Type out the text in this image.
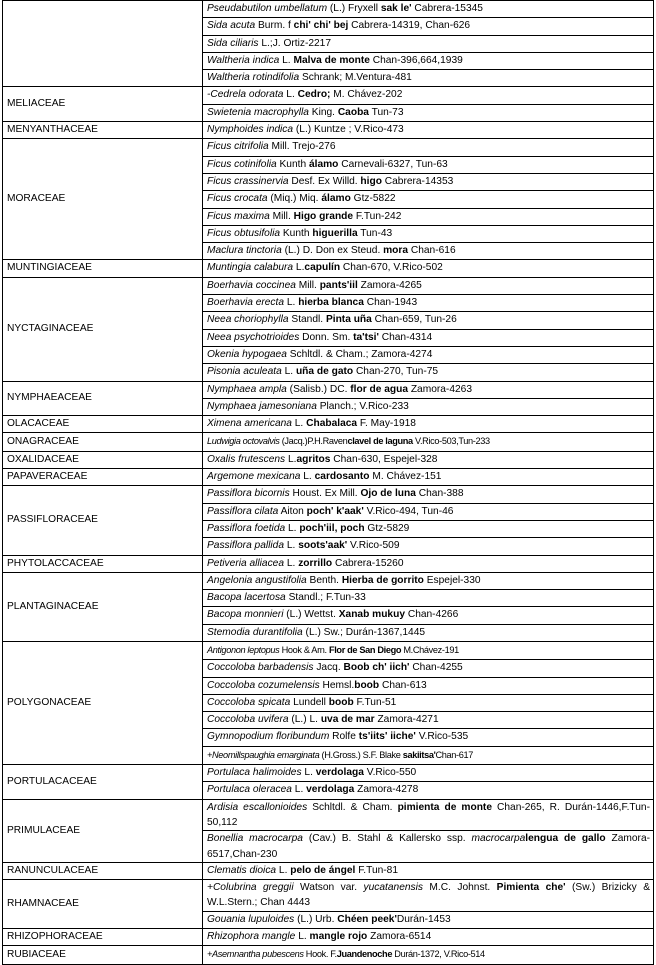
	Pseudabutilon umbellatum (L.) Fryxell sak le' Cabrera-15345
	Sida acuta Burm. f chi' chi' bej Cabrera-14319, Chan-626
	Sida ciliaris L.;J. Ortiz-2217
	Waltheria indica L. Malva de monte Chan-396,664,1939
	Waltheria rotindifolia Schrank; M.Ventura-481
MELIACEAE	-Cedrela odorata L. Cedro; M. Chávez-202
	Swietenia macrophylla King. Caoba Tun-73
MENYANTHACEAE	Nymphoides indica (L.) Kuntze ; V.Rico-473
MORACEAE	Ficus citrifolia Mill. Trejo-276
	Ficus cotinifolia Kunth álamo Carnevali-6327, Tun-63
	Ficus crassinervia Desf. Ex Willd. higo Cabrera-14353
	Ficus crocata (Miq.) Miq. álamo Gtz-5822
	Ficus maxima Mill. Higo grande F.Tun-242
	Ficus obtusifolia Kunth higuerilla Tun-43
	Maclura tinctoria (L.) D. Don ex Steud. mora Chan-616
MUNTINGIACEAE	Muntingia calabura L.capulín Chan-670, V.Rico-502
NYCTAGINACEAE	Boerhavia coccinea Mill. pants'iil Zamora-4265
	Boerhavia erecta L. hierba blanca Chan-1943
	Neea choriophylla Standl. Pinta uña Chan-659, Tun-26
	Neea psychotrioides Donn. Sm. ta'tsi' Chan-4314
	Okenia hypogaea Schltdl. & Cham.; Zamora-4274
	Pisonia aculeata L. uña de gato Chan-270, Tun-75
NYMPHAEACEAE	Nymphaea ampla (Salisb.) DC. flor de agua Zamora-4263
	Nymphaea jamesoniana Planch.; V.Rico-233
OLACACEAE	Ximena americana L. Chabalaca F. May-1918
ONAGRACEAE	Ludwigia octovalvis (Jacq.)P.H.Ravenclavel de laguna V.Rico-503,Tun-233
OXALIDACEAE	Oxalis frutescens L.agritos Chan-630, Espejel-328
PAPAVERACEAE	Argemone mexicana L. cardosanto M. Chávez-151
PASSIFLORACEAE	Passiflora bicornis Houst. Ex Mill. Ojo de luna Chan-388
	Passiflora cilata Aiton poch' k'aak' V.Rico-494, Tun-46
	Passiflora foetida L. poch'iil, poch Gtz-5829
	Passiflora pallida L. soots'aak' V.Rico-509
PHYTOLACCACEAE	Petiveria alliacea L. zorrillo Cabrera-15260
PLANTAGINACEAE	Angelonia angustifolia Benth. Hierba de gorrito Espejel-330
	Bacopa lacertosa Standl.; F.Tun-33
	Bacopa monnieri (L.) Wettst. Xanab mukuy Chan-4266
	Stemodia durantifolia (L.) Sw.; Durán-1367,1445
POLYGONACEAE	Antigonon leptopus Hook & Arn. Flor de San Diego M.Chávez-191
	Coccoloba barbadensis Jacq. Boob ch' iich' Chan-4255
	Coccoloba cozumelensis Hemsl.boob Chan-613
	Coccoloba spicata Lundell boob F.Tun-51
	Coccoloba uvifera (L.) L. uva de mar Zamora-4271
	Gymnopodium floribundum Rolfe ts'iits' iiche' V.Rico-535
	+Neomillspaughia emarginata (H.Gross.) S.F. Blake sakiitsa'Chan-617
PORTULACACEAE	Portulaca halimoides L. verdolaga V.Rico-550
	Portulaca oleracea L. verdolaga Zamora-4278
PRIMULACEAE	Ardisia escallonioides Schltdl. & Cham. pimienta de monte Chan-265, R. Durán-1446,F.Tun-50,112
	Bonellia macrocarpa (Cav.) B. Stahl & Kallersko ssp. macrocarpalengua de gallo Zamora-6517,Chan-230
RANUNCULACEAE	Clematis dioica L. pelo de ángel F.Tun-81
RHAMNACEAE	+Colubrina greggii Watson var. yucatanensis M.C. Johnst. Pimienta che' (Sw.) Brizicky & W.L.Stern.; Chan 4443
	Gouania lupuloides (L.) Urb. Chéen peek'Durán-1453
RHIZOPHORACEAE	Rhizophora mangle L. mangle rojo Zamora-6514
RUBIACEAE	+Asemnantha pubescens Hook. F.Juandenoche Durán-1372, V.Rico-514
